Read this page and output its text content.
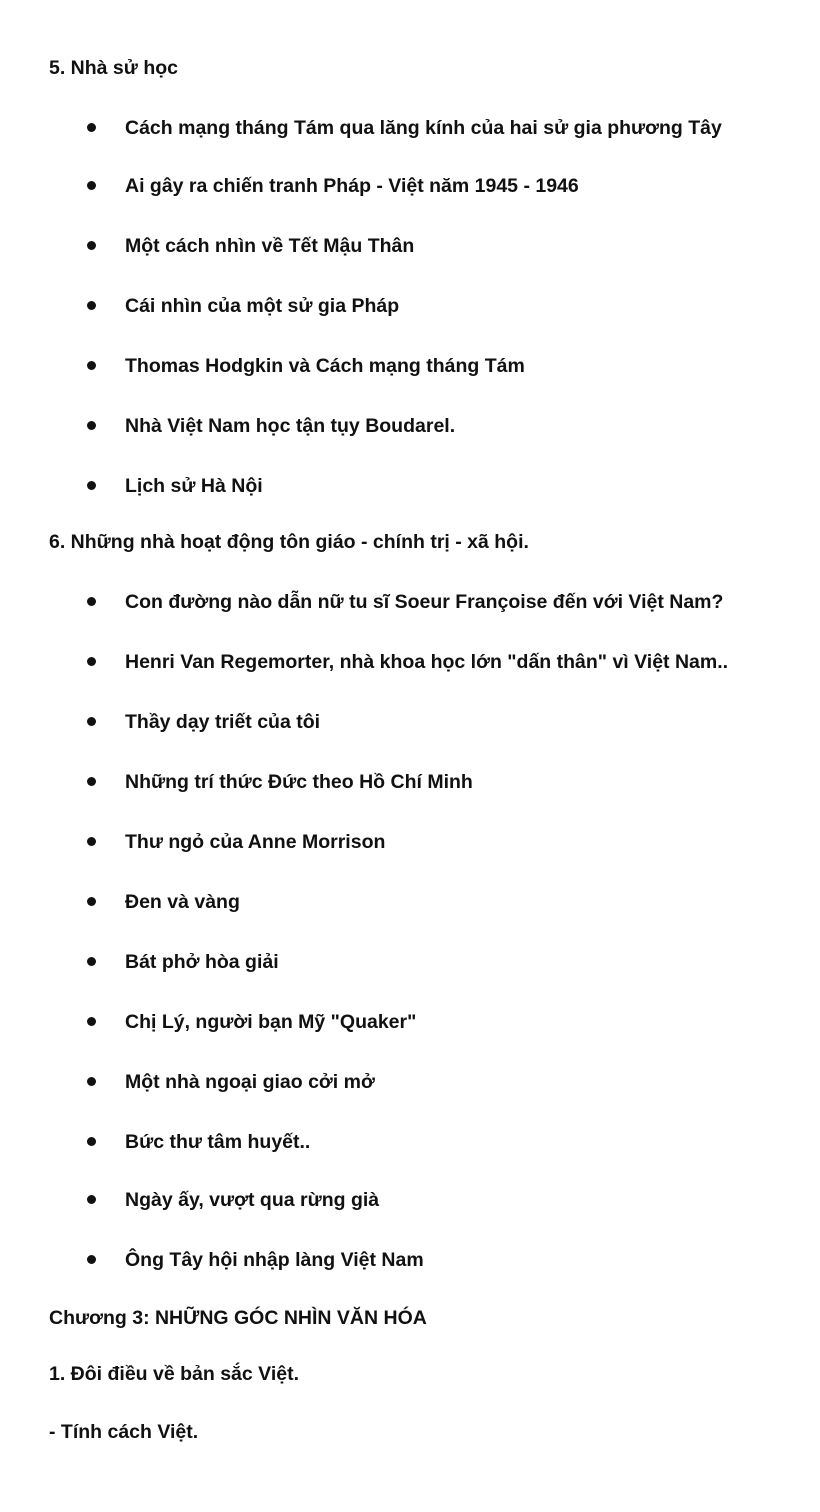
5. Nhà sử học
Cách mạng tháng Tám qua lăng kính của hai sử gia phương Tây
Ai gây ra chiến tranh Pháp - Việt năm 1945 - 1946
Một cách nhìn về Tết Mậu Thân
Cái nhìn của một sử gia Pháp
Thomas Hodgkin và Cách mạng tháng Tám
Nhà Việt Nam học tận tụy Boudarel.
Lịch sử Hà Nội
6. Những nhà hoạt động tôn giáo - chính trị - xã hội.
Con đường nào dẫn nữ tu sĩ Soeur Françoise đến với Việt Nam?
Henri Van Regemorter, nhà khoa học lớn "dấn thân" vì Việt Nam..
Thầy dạy triết của tôi
Những trí thức Đức theo Hồ Chí Minh
Thư ngỏ của Anne Morrison
Đen và vàng
Bát phở hòa giải
Chị Lý, người bạn Mỹ "Quaker"
Một nhà ngoại giao cởi mở
Bức thư tâm huyết..
Ngày ấy, vượt qua rừng già
Ông Tây hội nhập làng Việt Nam
Chương 3: NHỮNG GÓC NHÌN VĂN HÓA
1. Đôi điều về bản sắc Việt.
- Tính cách Việt.
